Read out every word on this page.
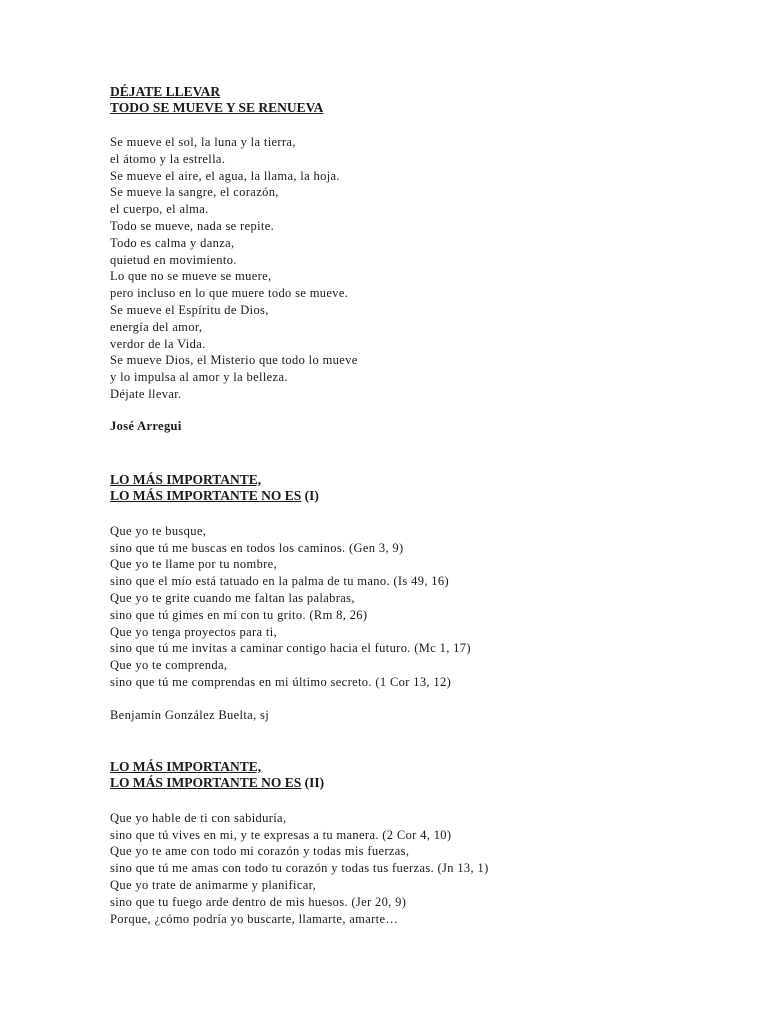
DÉJATE LLEVAR

TODO SE MUEVE Y SE RENUEVA

Se mueve el sol, la luna y la tierra,
el átomo y la estrella.
Se mueve el aire, el agua, la llama, la hoja.
Se mueve la sangre, el corazón,
el cuerpo, el alma.
Todo se mueve, nada se repite.
Todo es calma y danza,
quietud en movimiento.
Lo que no se mueve se muere,
pero incluso en lo que muere todo se mueve.
Se mueve el Espíritu de Dios,
energía del amor,
verdor de la Vida.
Se mueve Dios, el Misterio que todo lo mueve
y lo impulsa al amor y la belleza.
Déjate llevar.

José Arregui

LO MÁS IMPORTANTE,

LO MÁS IMPORTANTE NO ES (I)

Que yo te busque,
sino que tú me buscas en todos los caminos. (Gen 3, 9)
Que yo te llame por tu nombre,
sino que el mío está tatuado en la palma de tu mano. (Is 49, 16)
Que yo te grite cuando me faltan las palabras,
sino que tú gimes en mí con tu grito. (Rm 8, 26)
Que yo tenga proyectos para ti,
sino que tú me invitas a caminar contigo hacia el futuro. (Mc 1, 17)
Que yo te comprenda,
sino que tú me comprendas en mi último secreto. (1 Cor 13, 12)

Benjamín González Buelta, sj

LO MÁS IMPORTANTE,

LO MÁS IMPORTANTE NO ES (II)

Que yo hable de ti con sabiduría,
sino que tú vives en mi, y te expresas a tu manera. (2 Cor 4, 10)
Que yo te ame con todo mi corazón y todas mis fuerzas,
sino que tú me amas con todo tu corazón y todas tus fuerzas. (Jn 13, 1)
Que yo trate de animarme y planificar,
sino que tu fuego arde dentro de mis huesos. (Jer 20, 9)
Porque, ¿cómo podría yo buscarte, llamarte, amarte…
